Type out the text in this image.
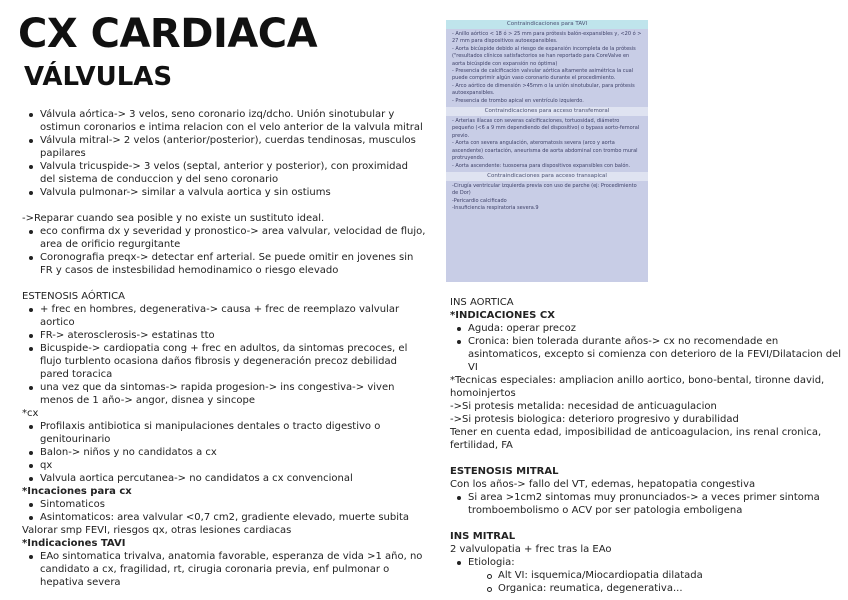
CX CARDIACA
VÁLVULAS
Válvula aórtica-> 3 velos, seno coronario izq/dcho. Unión sinotubular y ostimun coronarios e intima relacion con el velo anterior de la valvula mitral
Válvula mitral-> 2 velos (anterior/posterior), cuerdas tendinosas, musculos papilares
Valvula tricuspide-> 3 velos (septal, anterior y posterior), con proximidad del sistema de conduccion y del seno coronario
Valvula pulmonar-> similar a valvula aortica y sin ostiums

->Reparar cuando sea posible y no existe un sustituto ideal.

eco confirma dx y severidad y pronostico-> area valvular, velocidad de flujo, area de orificio regurgitante
Coronografia preqx-> detectar enf arterial. Se puede omitir en jovenes sin FR y casos de instesbilidad hemodinamico o riesgo elevado

ESTENOSIS AÓRTICA

+ frec en hombres, degenerativa-> causa + frec de reemplazo valvular aortico
FR-> aterosclerosis-> estatinas tto
Bicuspide-> cardiopatia cong + frec en adultos, da sintomas precoces, el flujo turblento ocasiona daños fibrosis y degeneración precoz debilidad pared toracica
una vez que da sintomas-> rapida progesion-> ins congestiva-> viven menos de 1 año-> angor, disnea y sincope

*cx

Profilaxis antibiotica si manipulaciones dentales o tracto digestivo o genitourinario
Balon-> niños y no candidatos a cx
qx
Valvula aortica percutanea-> no candidatos a cx convencional

*Incaciones para cx

Sintomaticos
Asintomaticos: area valvular <0,7 cm2, gradiente elevado, muerte subita

Valorar smp FEVI, riesgos qx, otras lesiones cardiacas

*Indicaciones TAVI

EAo sintomatica trivalva, anatomia favorable, esperanza de vida >1 año, no candidato a cx, fragilidad, rt, cirugia coronaria previa, enf pulmonar o hepativa severa
Contraindicaciones para TAVI

- Anillo aórtico < 18 ó > 25 mm para prótesis balón-expansibles y, <20 ó > 27 mm para dispositivos autoexpansibles.

- Aorta bicúspide debido al riesgo de expansión incompleta de la prótesis ("resultados clínicos satisfactorios se han reportado para CoreValve en aorta bicúspide con expansión no óptima)

- Presencia de calcificación valvular aórtica altamente asimétrica la cual puede comprimir algún vaso coronario durante el procedimiento.

- Arco aórtico de dimensión >45mm o la unión sinotubular, para prótesis autoexpansibles.

- Presencia de trombo apical en ventrículo izquierdo.

Contraindicaciones para acceso transfemoral

- Arterias ilíacas con severas calcificaciones, tortuosidad, diámetro pequeño (<6 a 9 mm dependiendo del dispositivo) o bypass aorto-femoral previo.

- Aorta con severa angulación, ateromatosis severa (arco y aorta ascendente) coartación, aneurisma de aorta abdominal con trombo mural protruyendo.

- Aorta ascendente: tuosoersa para dispositivos expansibles con balón.

Contraindicaciones para acceso transapical

-Cirugía ventricular izquierda previa con uso de parche (ej: Procedimiento de Dor)

-Pericardio calcificado

-Insuficiencia respiratoria severa.9

INS AORTICA

*INDICACIONES CX

Aguda: operar precoz
Cronica: bien tolerada durante años-> cx no recomendade en asintomaticos, excepto si comienza con deterioro de la FEVI/Dilatacion del VI

*Tecnicas especiales: ampliacion anillo aortico, bono-bental, tironne david, homoinjertos

->Si protesis metalida: necesidad de anticuagulacion

->Si protesis biologica: deterioro progresivo y durabilidad

Tener en cuenta edad, imposibilidad de anticoagulacion, ins renal cronica, fertilidad, FA

ESTENOSIS MITRAL

Con los años-> fallo del VT, edemas, hepatopatia congestiva

Si area >1cm2 sintomas muy pronunciados-> a veces primer sintoma tromboembolismo o ACV por ser patologia emboligena

INS MITRAL

2 valvulopatia + frec tras la EAo

Etiologia:
Alt VI: isquemica/Miocardiopatia dilatada
Organica: reumatica, degenerativa...
